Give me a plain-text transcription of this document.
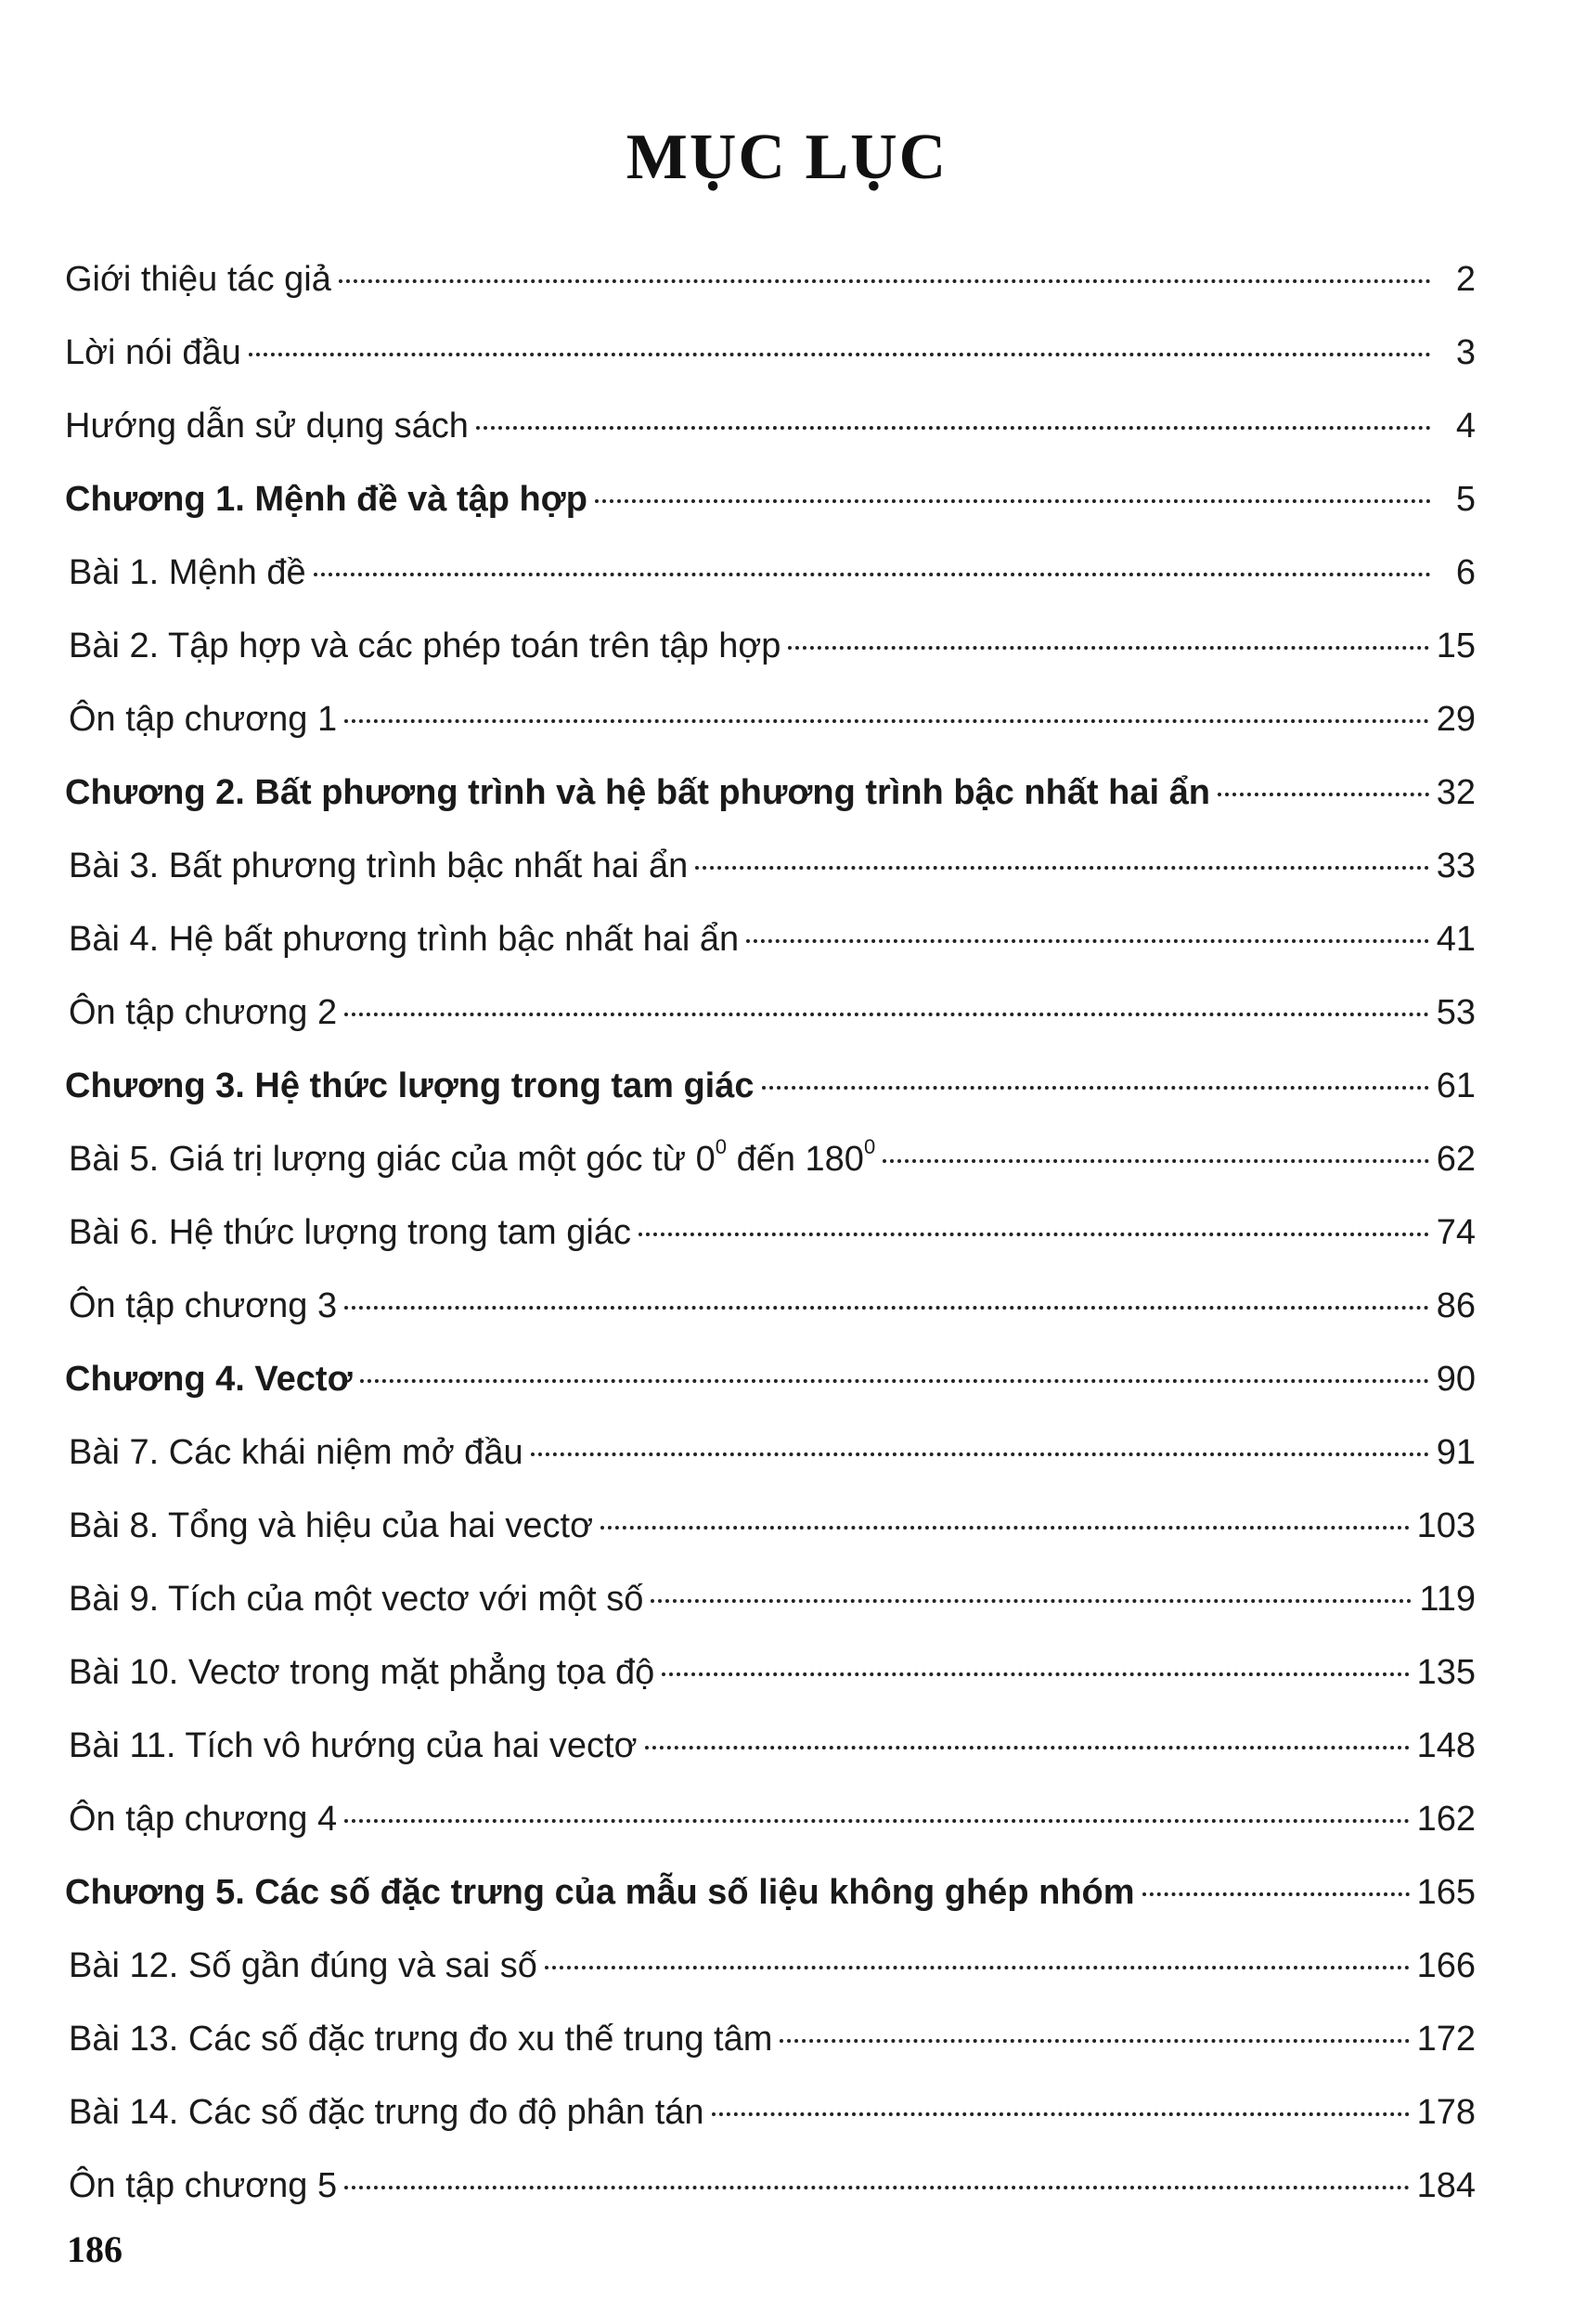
MỤC LỤC
Giới thiệu tác giả	2
Lời nói đầu	3
Hướng dẫn sử dụng sách	4
Chương 1. Mệnh đề và tập hợp	5
Bài 1. Mệnh đề	6
Bài 2. Tập hợp và các phép toán trên tập hợp	15
Ôn tập chương 1	29
Chương 2. Bất phương trình và hệ bất phương trình bậc nhất hai ẩn	32
Bài 3. Bất phương trình bậc nhất hai ẩn	33
Bài 4. Hệ bất phương trình bậc nhất hai ẩn	41
Ôn tập chương 2	53
Chương 3. Hệ thức lượng trong tam giác	61
Bài 5. Giá trị lượng giác của một góc từ $0^0$ đến $180^0$	62
Bài 6. Hệ thức lượng trong tam giác	74
Ôn tập chương 3	86
Chương 4. Vectơ	90
Bài 7. Các khái niệm mở đầu	91
Bài 8. Tổng và hiệu của hai vectơ	103
Bài 9. Tích của một vectơ với một số	119
Bài 10. Vectơ trong mặt phẳng tọa độ	135
Bài 11. Tích vô hướng của hai vectơ	148
Ôn tập chương 4	162
Chương 5. Các số đặc trưng của mẫu số liệu không ghép nhóm	165
Bài 12. Số gần đúng và sai số	166
Bài 13. Các số đặc trưng đo xu thế trung tâm	172
Bài 14. Các số đặc trưng đo độ phân tán	178
Ôn tập chương 5	184
186
